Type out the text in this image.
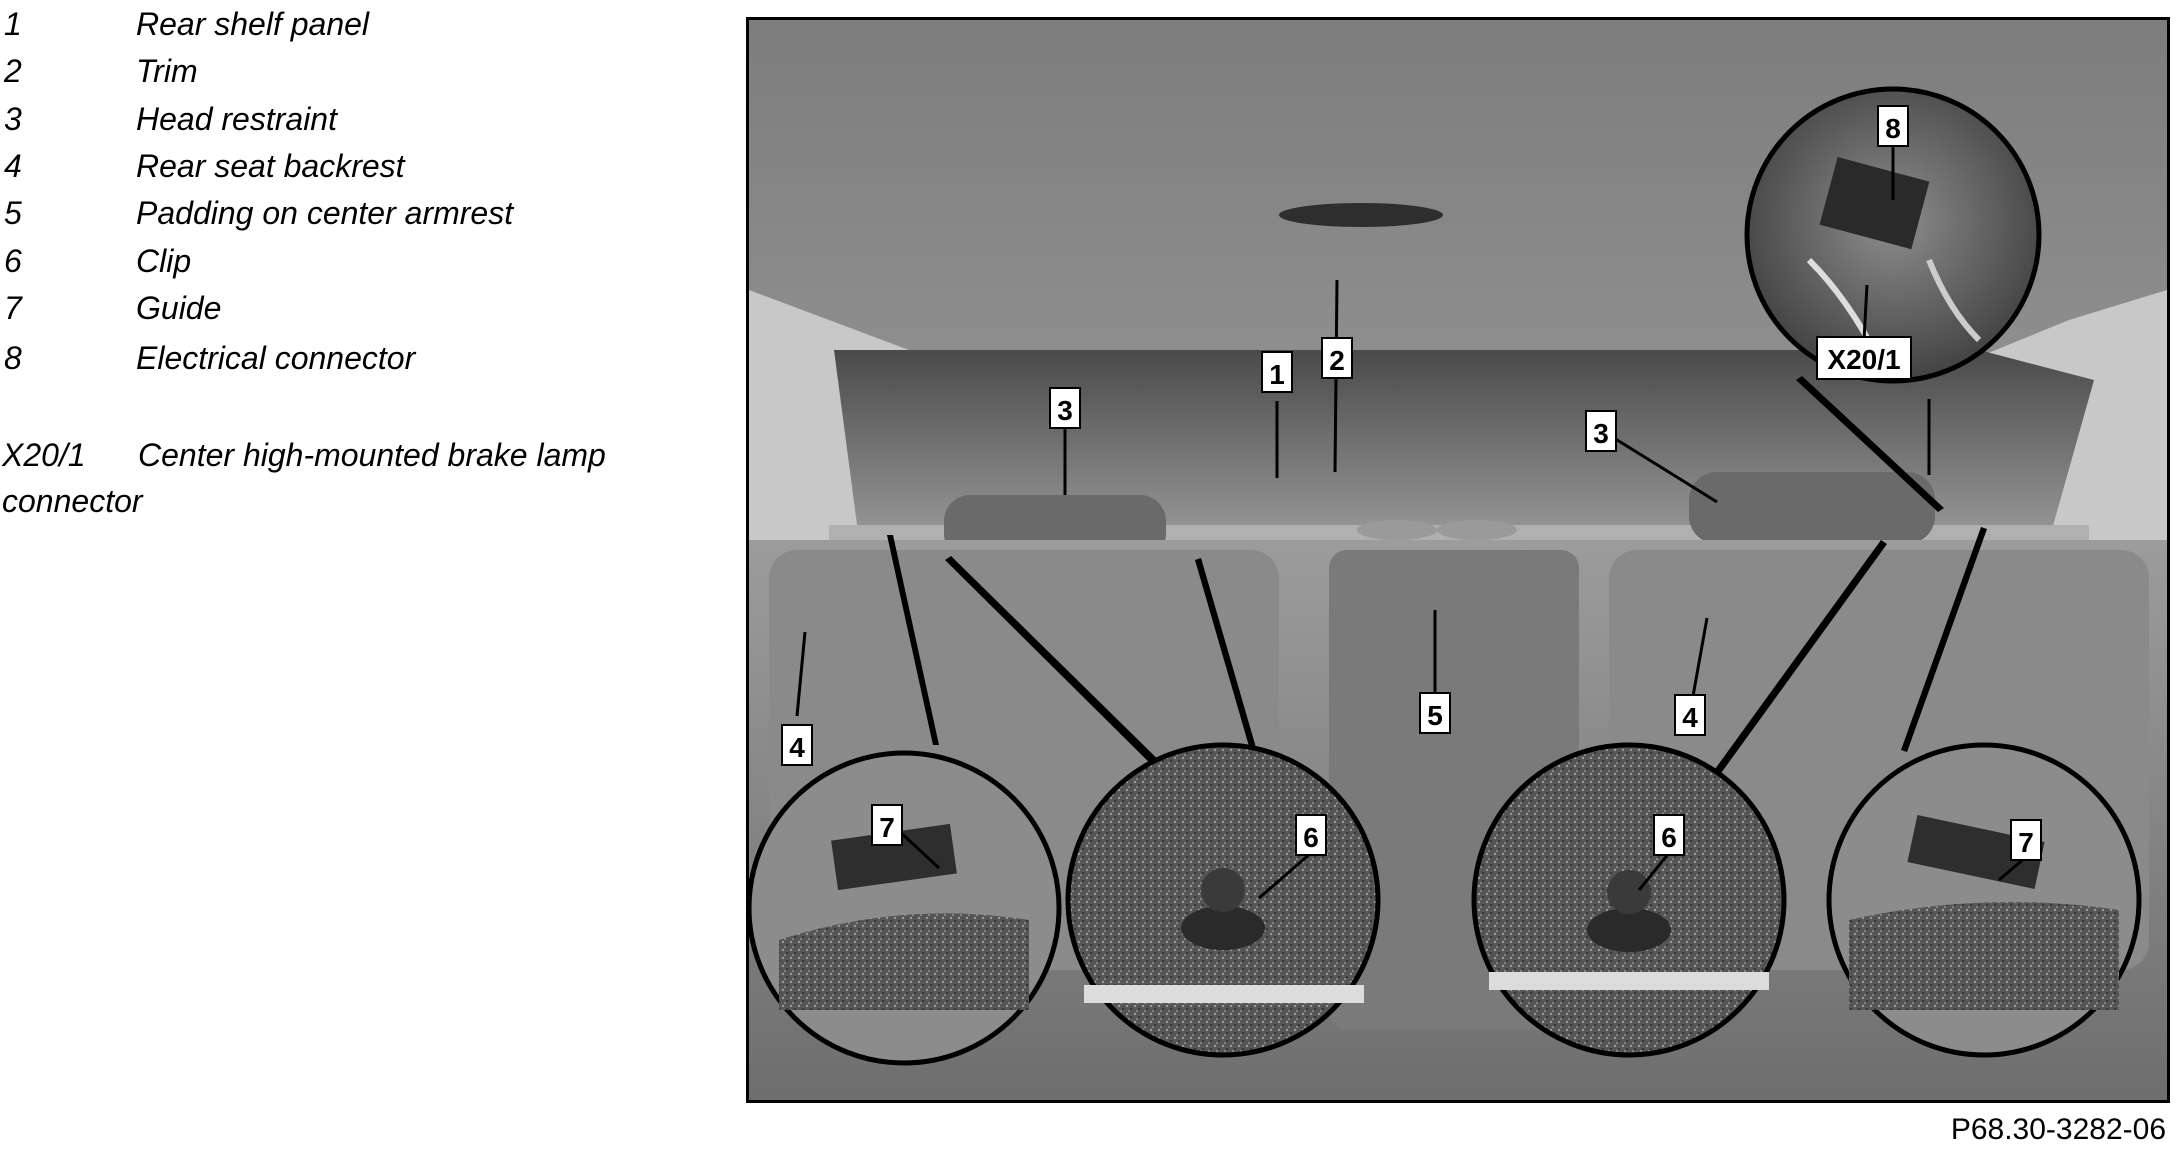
1	Rear shelf panel
2	Trim
3	Head restraint
4	Rear seat backrest
5	Padding on center armrest
6	Clip
7	Guide
8	Electrical connector
X20/1 Center high-mounted brake lamp connector
1 2
3
3
4
4
5
6	6
7	7
8
X20/1
P68.30-3282-06
